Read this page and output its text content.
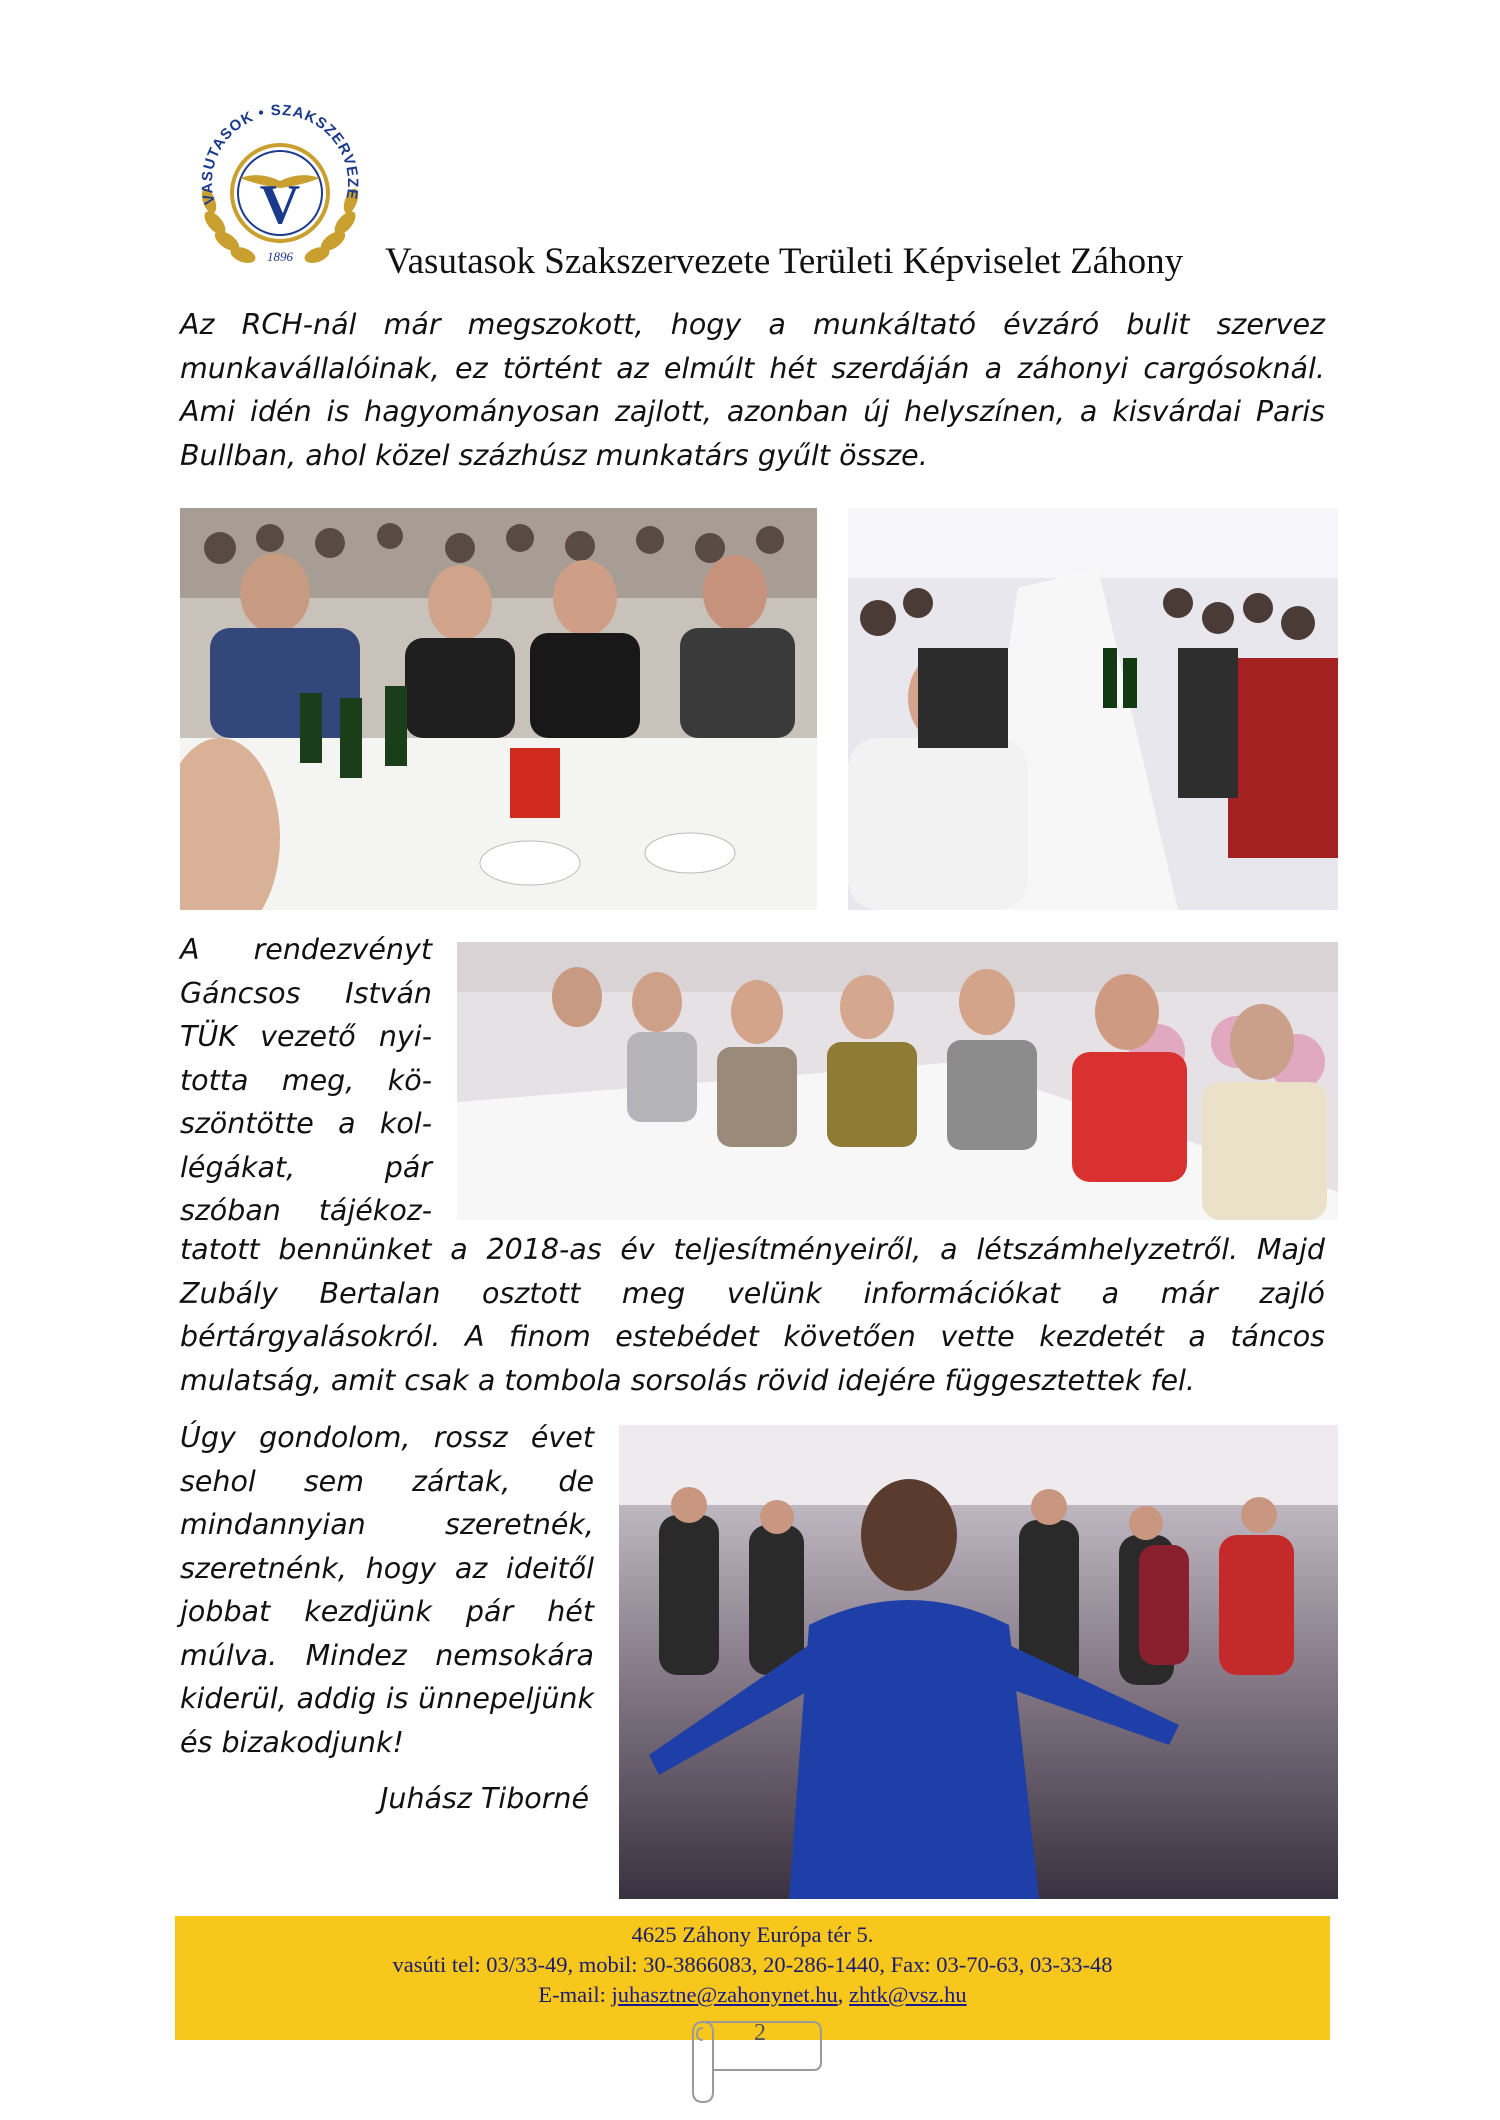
VASUTASOK • SZAKSZERVEZE
V
1896 Vasutasok Szakszervezete Területi Képviselet Záhony

Az RCH-nál már megszokott, hogy a munkáltató évzáró bulit szervez

munkavállalóinak, ez történt az elmúlt hét szerdáján a záhonyi cargósoknál.

Ami idén is hagyományosan zajlott, azonban új helyszínen, a kisvárdai Paris

Bullban, ahol közel százhúsz munkatárs gyűlt össze.

A rendezvényt

Gáncsos István

TÜK vezető nyi-

totta meg, kö-

szöntötte a kol-

légákat, pár

szóban tájékoz-

tatott bennünket a 2018-as év teljesítményeiről, a létszámhelyzetről. Majd

Zubály Bertalan osztott meg velünk információkat a már zajló

bértárgyalásokról. A finom estebédet követően vette kezdetét a táncos

mulatság, amit csak a tombola sorsolás rövid idejére függesztettek fel.

Úgy gondolom, rossz évet

sehol sem zártak, de

mindannyian szeretnék,

szeretnénk, hogy az ideitől

jobbat kezdjünk pár hét

múlva. Mindez nemsokára

kiderül, addig is ünnepeljünk

és bizakodjunk!

Juhász Tiborné
4625 Záhony Európa tér 5.
vasúti tel: 03/33-49, mobil: 30-3866083, 20-286-1440, Fax: 03-70-63, 03-33-48
E-mail: juhasztne@zahonynet.hu, zhtk@vsz.hu
2
